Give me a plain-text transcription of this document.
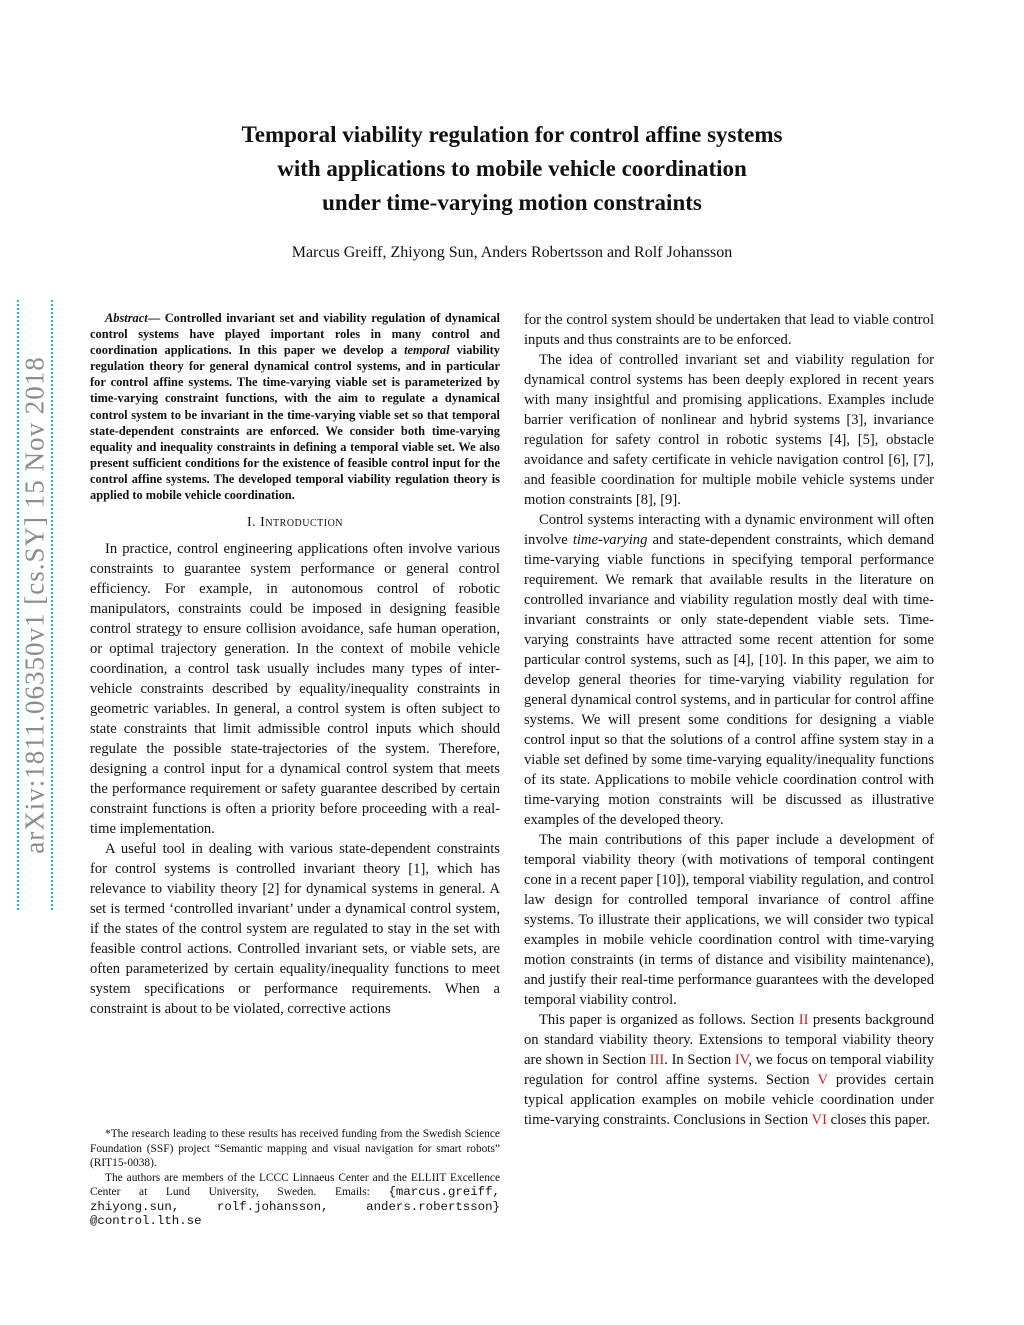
Temporal viability regulation for control affine systems
with applications to mobile vehicle coordination
under time-varying motion constraints
Marcus Greiff, Zhiyong Sun, Anders Robertsson and Rolf Johansson
arXiv:1811.06350v1 [cs.SY] 15 Nov 2018

Abstract— Controlled invariant set and viability regulation of dynamical control systems have played important roles in many control and coordination applications. In this paper we develop a temporal viability regulation theory for general dynamical control systems, and in particular for control affine systems. The time-varying viable set is parameterized by time-varying constraint functions, with the aim to regulate a dynamical control system to be invariant in the time-varying viable set so that temporal state-dependent constraints are enforced. We consider both time-varying equality and inequality constraints in defining a temporal viable set. We also present sufficient conditions for the existence of feasible control input for the control affine systems. The developed temporal viability regulation theory is applied to mobile vehicle coordination.

I. Introduction

In practice, control engineering applications often involve various constraints to guarantee system performance or general control efficiency. For example, in autonomous control of robotic manipulators, constraints could be imposed in designing feasible control strategy to ensure collision avoidance, safe human operation, or optimal trajectory generation. In the context of mobile vehicle coordination, a control task usually includes many types of inter-vehicle constraints described by equality/inequality constraints in geometric variables. In general, a control system is often subject to state constraints that limit admissible control inputs which should regulate the possible state-trajectories of the system. Therefore, designing a control input for a dynamical control system that meets the performance requirement or safety guarantee described by certain constraint functions is often a priority before proceeding with a real-time implementation.

A useful tool in dealing with various state-dependent constraints for control systems is controlled invariant theory [1], which has relevance to viability theory [2] for dynamical systems in general. A set is termed ‘controlled invariant’ under a dynamical control system, if the states of the control system are regulated to stay in the set with feasible control actions. Controlled invariant sets, or viable sets, are often parameterized by certain equality/inequality functions to meet system specifications or performance requirements. When a constraint is about to be violated, corrective actions

*The research leading to these results has received funding from the Swedish Science Foundation (SSF) project “Semantic mapping and visual navigation for smart robots” (RIT15-0038).

The authors are members of the LCCC Linnaeus Center and the ELLIIT Excellence Center at Lund University, Sweden. Emails: {marcus.greiff, zhiyong.sun, rolf.johansson, anders.robertsson} @control.lth.se

for the control system should be undertaken that lead to viable control inputs and thus constraints are to be enforced.

The idea of controlled invariant set and viability regulation for dynamical control systems has been deeply explored in recent years with many insightful and promising applications. Examples include barrier verification of nonlinear and hybrid systems [3], invariance regulation for safety control in robotic systems [4], [5], obstacle avoidance and safety certificate in vehicle navigation control [6], [7], and feasible coordination for multiple mobile vehicle systems under motion constraints [8], [9].

Control systems interacting with a dynamic environment will often involve time-varying and state-dependent constraints, which demand time-varying viable functions in specifying temporal performance requirement. We remark that available results in the literature on controlled invariance and viability regulation mostly deal with time-invariant constraints or only state-dependent viable sets. Time-varying constraints have attracted some recent attention for some particular control systems, such as [4], [10]. In this paper, we aim to develop general theories for time-varying viability regulation for general dynamical control systems, and in particular for control affine systems. We will present some conditions for designing a viable control input so that the solutions of a control affine system stay in a viable set defined by some time-varying equality/inequality functions of its state. Applications to mobile vehicle coordination control with time-varying motion constraints will be discussed as illustrative examples of the developed theory.

The main contributions of this paper include a development of temporal viability theory (with motivations of temporal contingent cone in a recent paper [10]), temporal viability regulation, and control law design for controlled temporal invariance of control affine systems. To illustrate their applications, we will consider two typical examples in mobile vehicle coordination control with time-varying motion constraints (in terms of distance and visibility maintenance), and justify their real-time performance guarantees with the developed temporal viability control.

This paper is organized as follows. Section II presents background on standard viability theory. Extensions to temporal viability theory are shown in Section III. In Section IV, we focus on temporal viability regulation for control affine systems. Section V provides certain typical application examples on mobile vehicle coordination under time-varying constraints. Conclusions in Section VI closes this paper.
